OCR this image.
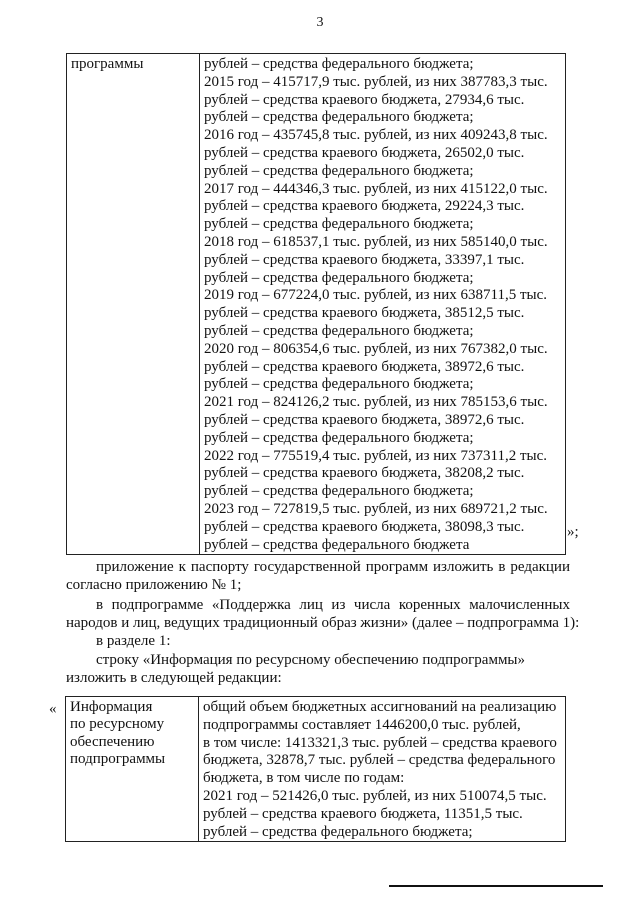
3
программы	рублей – средства федерального бюджета;
2015 год – 415717,9 тыс. рублей, из них 387783,3 тыс.
рублей – средства краевого бюджета, 27934,6 тыс.
рублей – средства федерального бюджета;
2016 год – 435745,8 тыс. рублей, из них 409243,8 тыс.
рублей – средства краевого бюджета, 26502,0 тыс.
рублей – средства федерального бюджета;
2017 год – 444346,3 тыс. рублей, из них 415122,0 тыс.
рублей – средства краевого бюджета, 29224,3 тыс.
рублей – средства федерального бюджета;
2018 год – 618537,1 тыс. рублей, из них 585140,0 тыс.
рублей – средства краевого бюджета, 33397,1 тыс.
рублей – средства федерального бюджета;
2019 год – 677224,0 тыс. рублей, из них 638711,5 тыс.
рублей – средства краевого бюджета, 38512,5 тыс.
рублей – средства федерального бюджета;
2020 год – 806354,6 тыс. рублей, из них 767382,0 тыс.
рублей – средства краевого бюджета, 38972,6 тыс.
рублей – средства федерального бюджета;
2021 год – 824126,2 тыс. рублей, из них 785153,6 тыс.
рублей – средства краевого бюджета, 38972,6 тыс.
рублей – средства федерального бюджета;
2022 год – 775519,4 тыс. рублей, из них 737311,2 тыс.
рублей – средства краевого бюджета, 38208,2 тыс.
рублей – средства федерального бюджета;
2023 год – 727819,5 тыс. рублей, из них 689721,2 тыс.
рублей – средства краевого бюджета, 38098,3 тыс.
рублей – средства федерального бюджета
»;
приложение к паспорту государственной программ изложить в редакции
согласно приложению № 1;
в подпрограмме «Поддержка лиц из числа коренных малочисленных
народов и лиц, ведущих традиционный образ жизни» (далее – подпрограмма 1):
в разделе 1:
строку «Информация по ресурсному обеспечению подпрограммы»
изложить в следующей редакции:
« Информация
по ресурсному
обеспечению
подпрограммы

общий объем бюджетных ассигнований на реализацию
подпрограммы составляет 1446200,0 тыс. рублей,
в том числе: 1413321,3 тыс. рублей – средства краевого
бюджета, 32878,7 тыс. рублей – средства федерального
бюджета, в том числе по годам:
2021 год – 521426,0 тыс. рублей, из них 510074,5 тыс.
рублей – средства краевого бюджета, 11351,5 тыс.
рублей – средства федерального бюджета;
